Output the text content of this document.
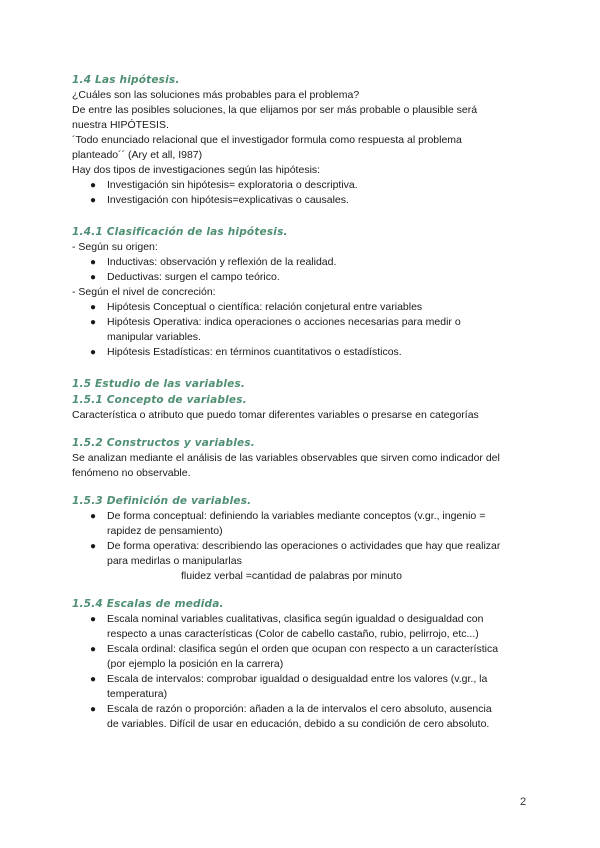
1.4 Las hipótesis.
¿Cuáles son las soluciones más probables para el problema?
De entre las posibles soluciones, la que elijamos por ser más probable o plausible será
nuestra HIPÓTESIS.
´Todo enunciado relacional que el investigador formula como respuesta al problema
planteado´´ (Ary et all, I987)
Hay dos tipos de investigaciones según las hipótesis:
● Investigación sin hipótesis= exploratoria o descriptiva.
● Investigación con hipótesis=explicativas o causales.
1.4.1 Clasificación de las hipótesis.
- Según su origen:
● Inductivas: observación y reflexión de la realidad.
● Deductivas: surgen el campo teórico.
- Según el nivel de concreción:
● Hipótesis Conceptual o científica: relación conjetural entre variables
● Hipótesis Operativa: indica operaciones o acciones necesarias para medir o
manipular variables.
● Hipótesis Estadísticas: en términos cuantitativos o estadísticos.
1.5 Estudio de las variables.
1.5.1 Concepto de variables.
Característica o atributo que puedo tomar diferentes variables o presarse en categorías
1.5.2 Constructos y variables.
Se analizan mediante el análisis de las variables observables que sirven como indicador del
fenómeno no observable.
1.5.3 Definición de variables.
● De forma conceptual: definiendo la variables mediante conceptos (v.gr., ingenio =
rapidez de pensamiento)
● De forma operativa: describiendo las operaciones o actividades que hay que realizar
para medirlas o manipularlas
fluidez verbal =cantidad de palabras por minuto
1.5.4 Escalas de medida.
● Escala nominal variables cualitativas, clasifica según igualdad o desigualdad con
respecto a unas características (Color de cabello castaño, rubio, pelirrojo, etc...)
● Escala ordinal: clasifica según el orden que ocupan con respecto a un característica
(por ejemplo la posición en la carrera)
● Escala de intervalos: comprobar igualdad o desigualdad entre los valores (v.gr., la
temperatura)
● Escala de razón o proporción: añaden a la de intervalos el cero absoluto, ausencia
de variables. Difícil de usar en educación, debido a su condición de cero absoluto.
2
